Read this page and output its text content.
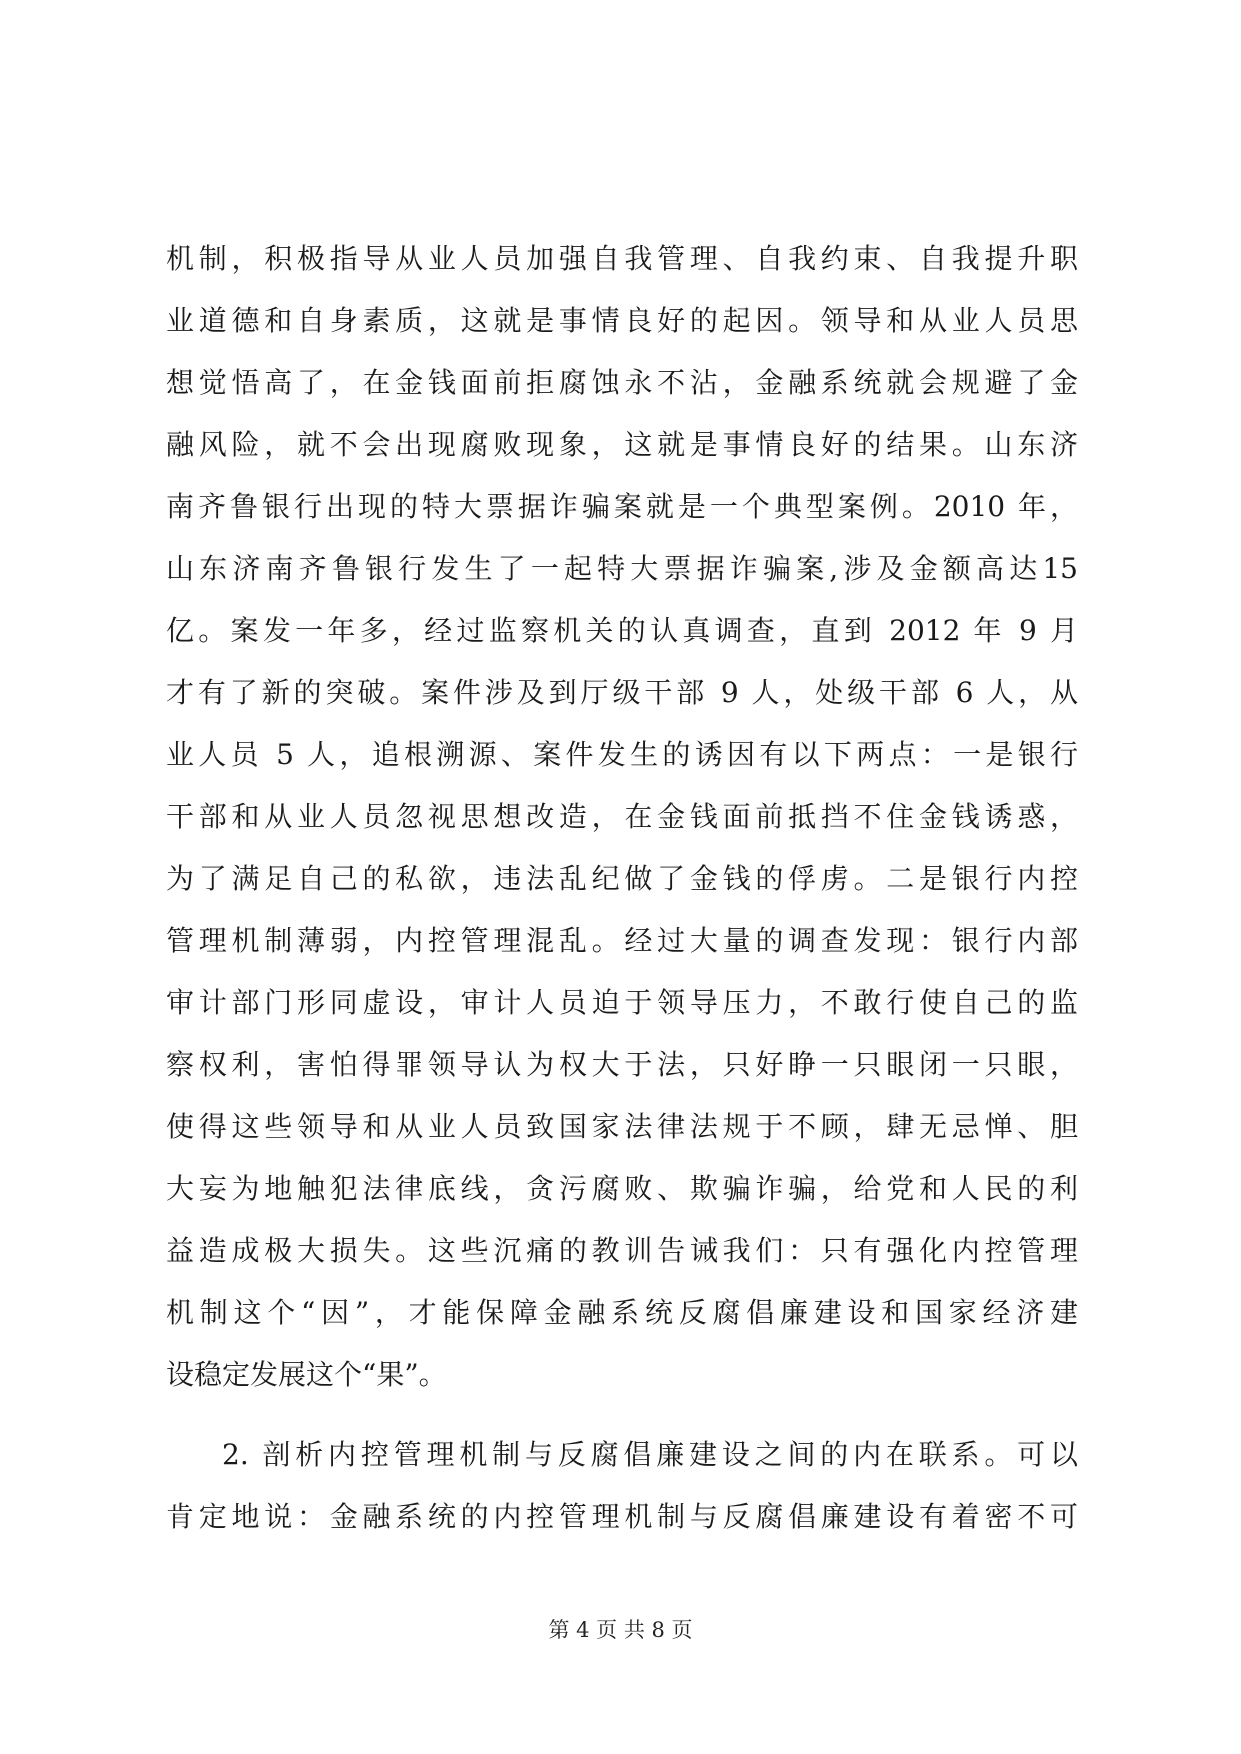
机制，积极指导从业人员加强自我管理、自我约束、自我提升职
业道德和自身素质，这就是事情良好的起因。领导和从业人员思
想觉悟高了，在金钱面前拒腐蚀永不沾，金融系统就会规避了金
融风险，就不会出现腐败现象，这就是事情良好的结果。山东济
南齐鲁银行出现的特大票据诈骗案就是一个典型案例。2010 年，
山东济南齐鲁银行发生了一起特大票据诈骗案,涉及金额高达15
亿。案发一年多，经过监察机关的认真调查，直到 2012 年 9 月
才有了新的突破。案件涉及到厅级干部 9 人，处级干部 6 人，从
业人员 5 人，追根溯源、案件发生的诱因有以下两点：一是银行
干部和从业人员忽视思想改造，在金钱面前抵挡不住金钱诱惑，
为了满足自己的私欲，违法乱纪做了金钱的俘虏。二是银行内控
管理机制薄弱，内控管理混乱。经过大量的调查发现：银行内部
审计部门形同虚设，审计人员迫于领导压力，不敢行使自己的监
察权利，害怕得罪领导认为权大于法，只好睁一只眼闭一只眼，
使得这些领导和从业人员致国家法律法规于不顾，肆无忌惮、胆
大妄为地触犯法律底线，贪污腐败、欺骗诈骗，给党和人民的利
益造成极大损失。这些沉痛的教训告诫我们：只有强化内控管理
机制这个“因”，才能保障金融系统反腐倡廉建设和国家经济建
设稳定发展这个“果”。
2. 剖析内控管理机制与反腐倡廉建设之间的内在联系。可以
肯定地说：金融系统的内控管理机制与反腐倡廉建设有着密不可
第 4 页 共 8 页
